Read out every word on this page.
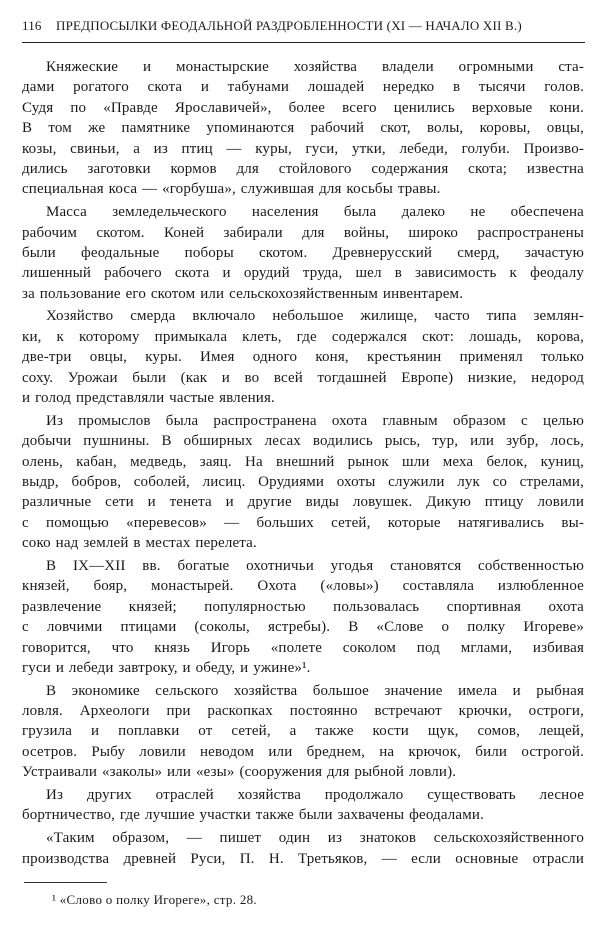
116	ПРЕДПОСЫЛКИ ФЕОДАЛЬНОЙ РАЗДРОБЛЕННОСТИ (XI — НАЧАЛО XII В.)
Княжеские и монастырские хозяйства владели огромными ста-
дами рогатого скота и табунами лошадей нередко в тысячи голов.
Судя по «Правде Ярославичей», более всего ценились верховые кони.
В том же памятнике упоминаются рабочий скот, волы, коровы, овцы,
козы, свиньи, а из птиц — куры, гуси, утки, лебеди, голуби. Произво-
дились заготовки кормов для стойлового содержания скота; известна
специальная коса — «горбуша», служившая для косьбы травы.
Масса земледельческого населения была далеко не обеспечена
рабочим скотом. Коней забирали для войны, широко распространены
были феодальные поборы скотом. Древнерусский смерд, зачастую
лишенный рабочего скота и орудий труда, шел в зависимость к феодалу
за пользование его скотом или сельскохозяйственным инвентарем.
Хозяйство смерда включало небольшое жилище, часто типа землян-
ки, к которому примыкала клеть, где содержался скот: лошадь, корова,
две-три овцы, куры. Имея одного коня, крестьянин применял только
соху. Урожаи были (как и во всей тогдашней Европе) низкие, недород
и голод представляли частые явления.
Из промыслов была распространена охота главным образом с целью
добычи пушнины. В обширных лесах водились рысь, тур, или зубр, лось,
олень, кабан, медведь, заяц. На внешний рынок шли меха белок, куниц,
выдр, бобров, соболей, лисиц. Орудиями охоты служили лук со стрелами,
различные сети и тенета и другие виды ловушек. Дикую птицу ловили
с помощью «перевесов» — больших сетей, которые натягивались вы-
соко над землей в местах перелета.
В IX—XII вв. богатые охотничьи угодья становятся собственностью
князей, бояр, монастырей. Охота («ловы») составляла излюбленное
развлечение князей; популярностью пользовалась спортивная охота
с ловчими птицами (соколы, ястребы). В «Слове о полку Игореве»
говорится, что князь Игорь «полете соколом под мглами, избивая
гуси и лебеди завтроку, и обеду, и ужине»¹.
В экономике сельского хозяйства большое значение имела и рыбная
ловля. Археологи при раскопках постоянно встречают крючки, остроги,
грузила и поплавки от сетей, а также кости щук, сомов, лещей,
осетров. Рыбу ловили неводом или бреднем, на крючок, били острогой.
Устраивали «заколы» или «езы» (сооружения для рыбной ловли).
Из других отраслей хозяйства продолжало существовать лесное
бортничество, где лучшие участки также были захвачены феодалами.
«Таким образом, — пишет один из знатоков сельскохозяйственного
производства древней Руси, П. Н. Третьяков, — если основные отрасли
¹ «Слово о полку Игореге», стр. 28.
